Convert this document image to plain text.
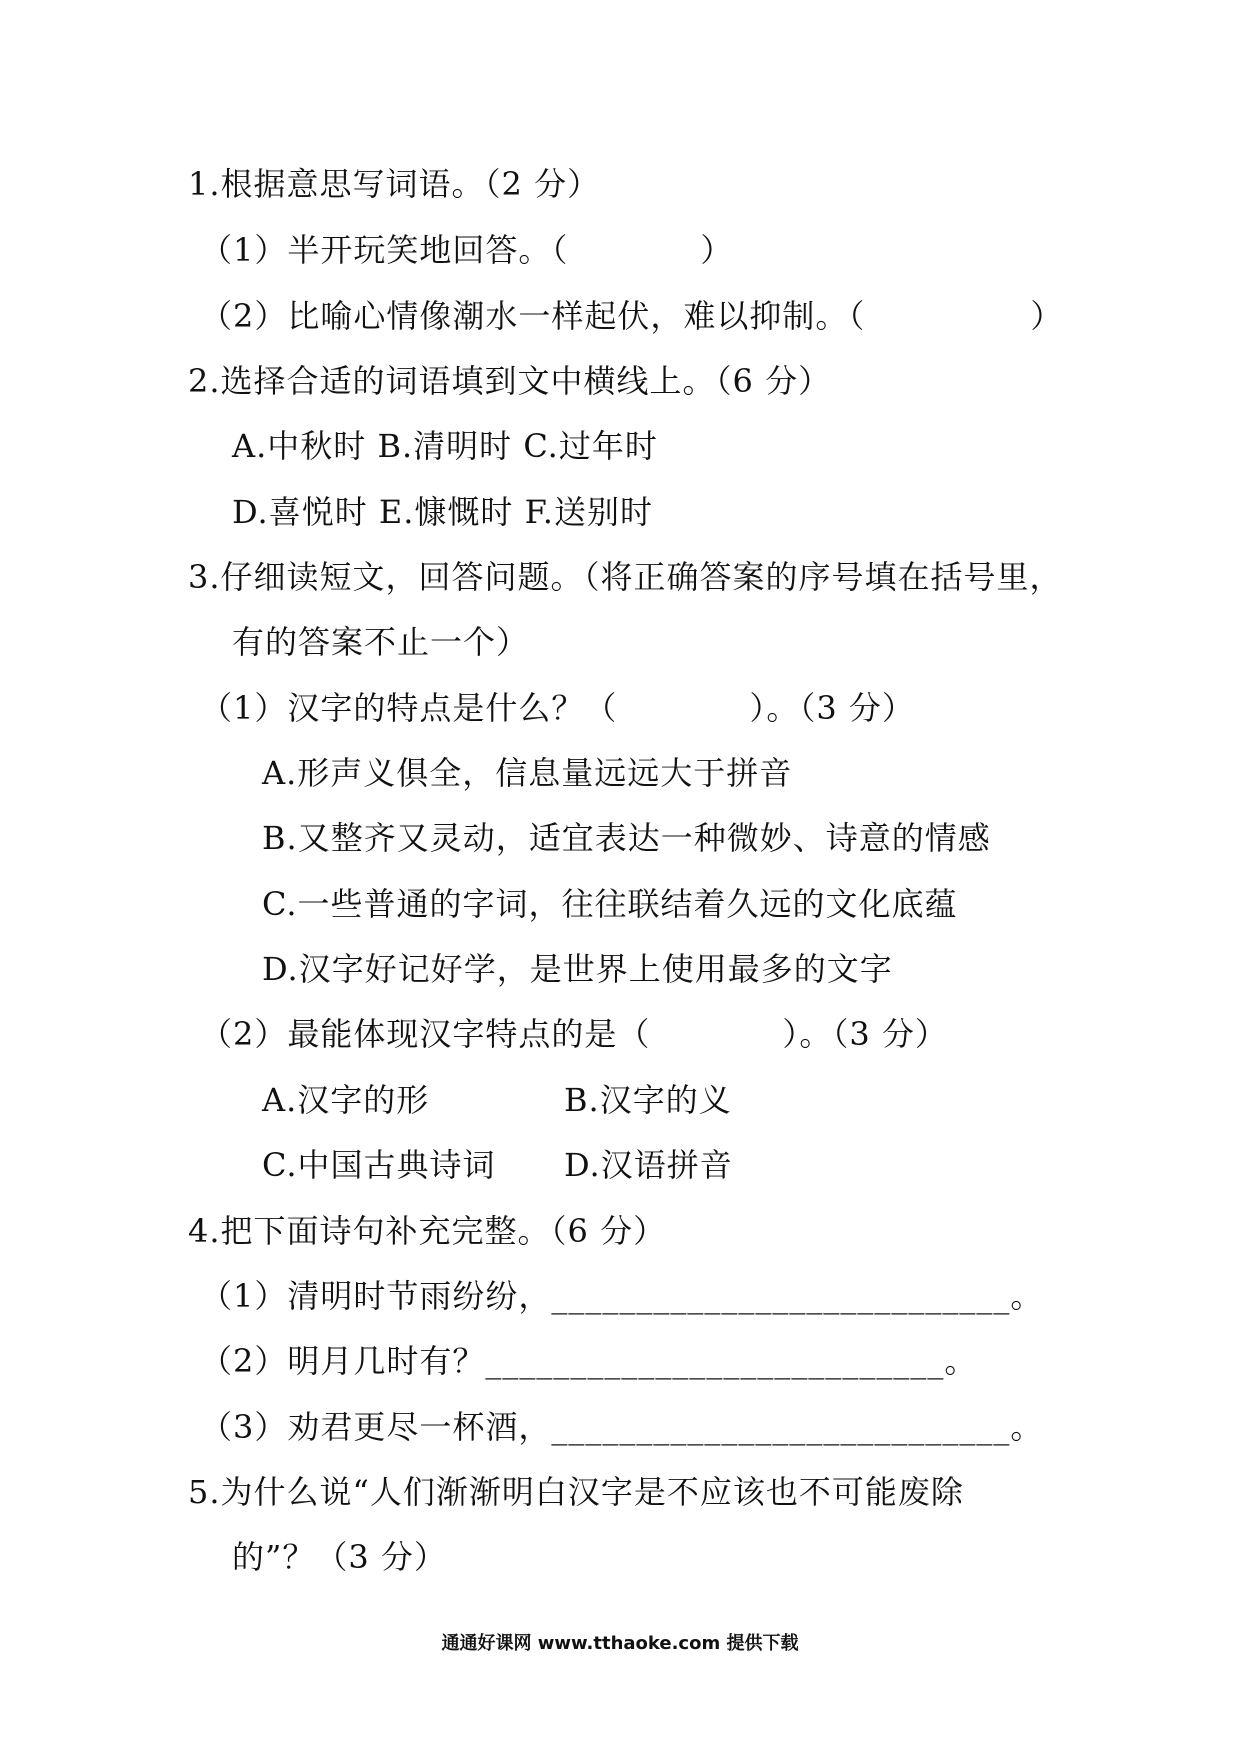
1.根据意思写词语。（2 分）
（1）半开玩笑地回答。（　　　　）
（2）比喻心情像潮水一样起伏，难以抑制。（　　　　　）
2.选择合适的词语填到文中横线上。（6 分）
A.中秋时 B.清明时 C.过年时
D.喜悦时 E.慷慨时 F.送别时
3.仔细读短文，回答问题。（将正确答案的序号填在括号里，
有的答案不止一个）
（1）汉字的特点是什么？（　　　　）。（3 分）
A.形声义俱全，信息量远远大于拼音
B.又整齐又灵动，适宜表达一种微妙、诗意的情感
C.一些普通的字词，往往联结着久远的文化底蕴
D.汉字好记好学，是世界上使用最多的文字
（2）最能体现汉字特点的是（　　　　）。（3 分）
A.汉字的形	B.汉字的义
C.中国古典诗词 D.汉语拼音
4.把下面诗句补充完整。（6 分）
（1）清明时节雨纷纷，___________________________。
（2）明月几时有？___________________________。
（3）劝君更尽一杯酒，___________________________。
5.为什么说“人们渐渐明白汉字是不应该也不可能废除
的”？（3 分）
通通好课网 www.tthaoke.com 提供下载
